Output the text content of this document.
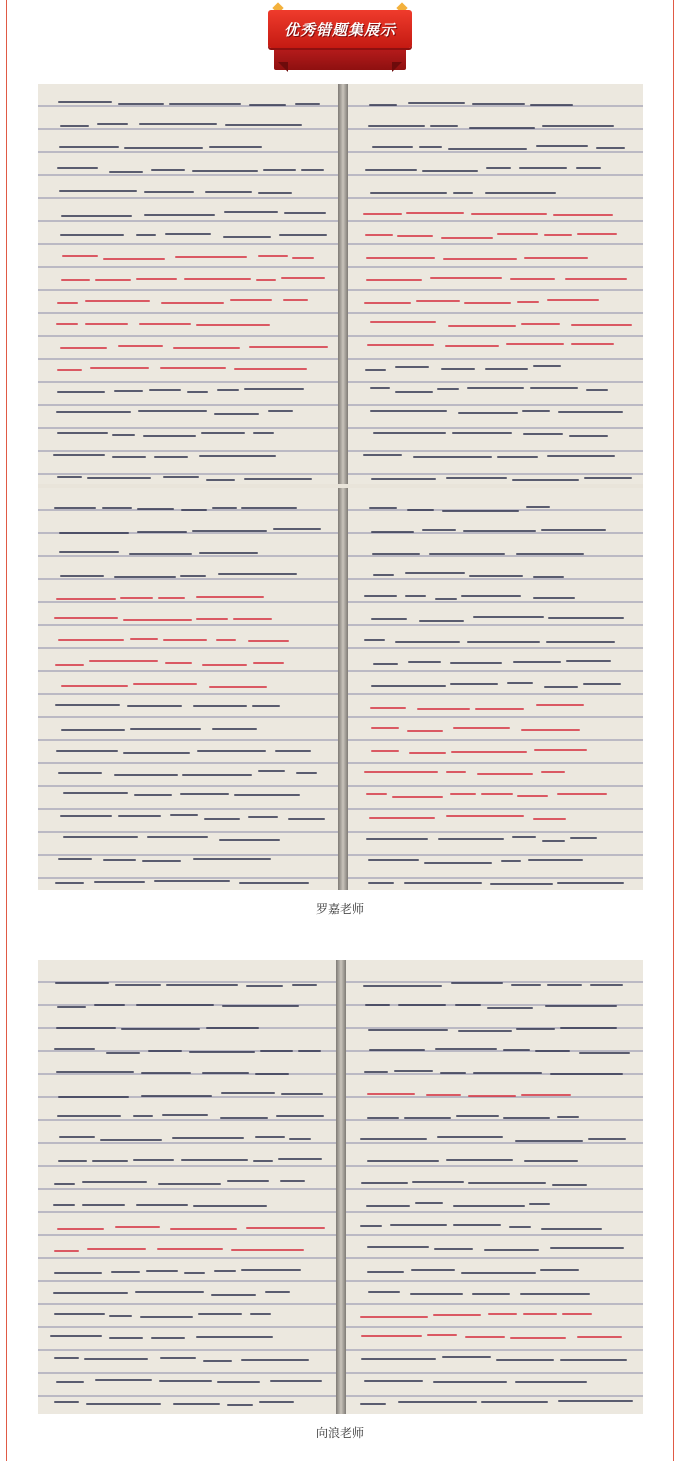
优秀错题集展示
罗嘉老师
向浪老师
